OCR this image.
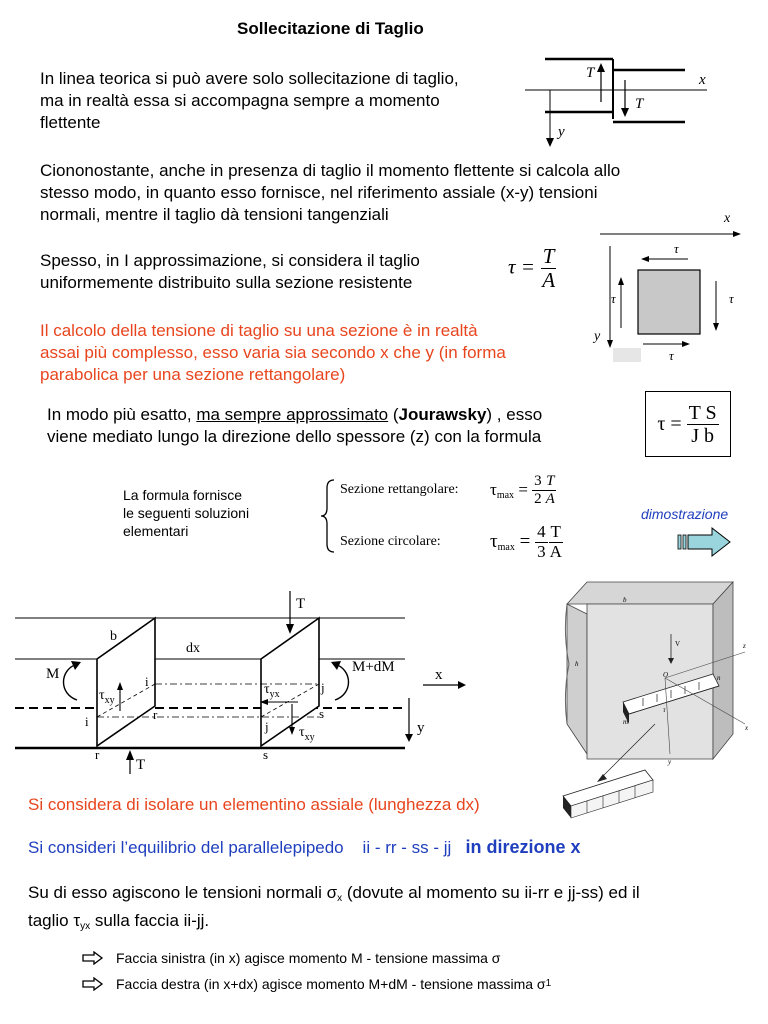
Sollecitazione di Taglio
In linea teorica si può avere solo sollecitazione di taglio,
ma in realtà essa si accompagna sempre a momento
flettente
T
T
x
y
Ciononostante, anche in presenza di taglio il momento flettente si calcola allo
stesso modo, in quanto esso fornisce, nel riferimento assiale (x-y) tensioni
normali, mentre il taglio dà tensioni tangenziali
Spesso, in I approssimazione, si considera il taglio
uniformemente distribuito sulla sezione resistente
$\tau = \frac{T}{A}$
x
y
τ
τ	τ
τ
Il calcolo della tensione di taglio su una sezione è in realtà
assai più complesso, esso varia sia secondo x che y (in forma
parabolica per una sezione rettangolare)
In modo più esatto, ma sempre approssimato (Jourawsky) , esso
viene mediato lungo la direzione dello spessore (z) con la formula
τ =
$\frac{\text{T S}}{\text{J b}}$
La formula fornisce
le seguenti soluzioni
elementari
Sezione rettangolare:	$\tau_{max} = \frac{3}{2} \frac{T}{A}$
Sezione circolare:	$\tau_{max} = \frac{4}{3} \frac{T}{A}$
dimostrazione
T
T
b
dx
M	M+dM	x
y
i
i	r
r
j
j
s
s
$\tau_{xy}$
$\tau_{yx}$
$\tau_{xy}$
b
h
V
O
z
x
y
m
n
τ
Si considera di isolare un elementino assiale (lunghezza dx)
Si consideri l’equilibrio del parallelepipedo ii - rr - ss - jj in direzione x
Su di esso agiscono le tensioni normali $\sigma_x$ (dovute al momento su ii-rr e jj-ss) ed il
taglio $\tau_{yx}$ sulla faccia ii-jj.
Faccia sinistra (in x) agisce momento M - tensione massima σ
Faccia destra (in x+dx) agisce momento M+dM - tensione massima σ 1
